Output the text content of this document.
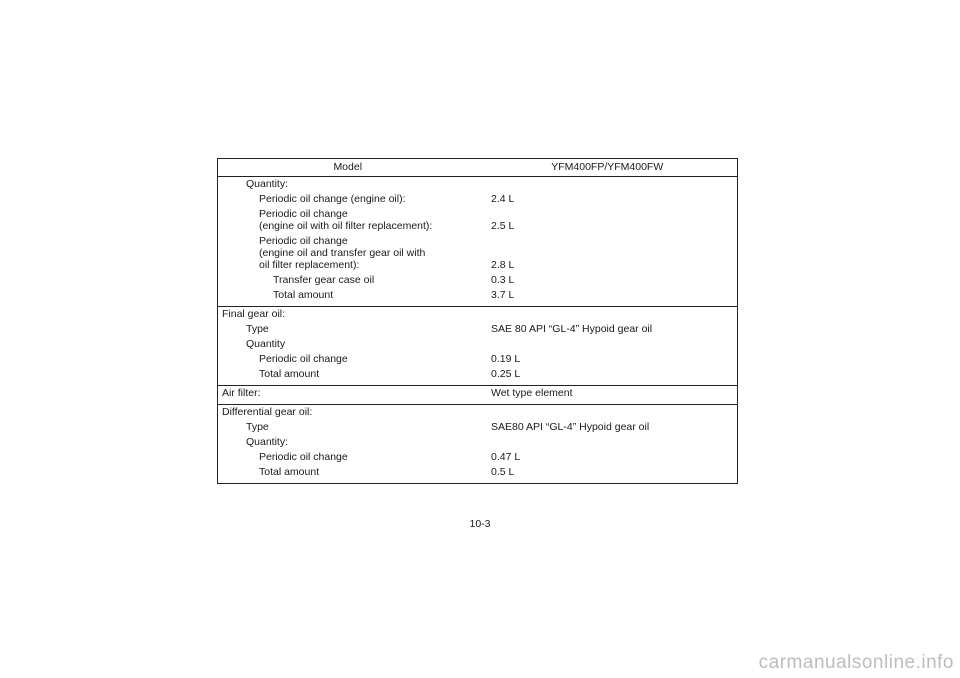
Model	YFM400FP/YFM400FW
Quantity:
Periodic oil change (engine oil):	2.4 L
Periodic oil change
(engine oil with oil filter replacement):	2.5 L
Periodic oil change
(engine oil and transfer gear oil with
oil filter replacement):	2.8 L
Transfer gear case oil	0.3 L
Total amount	3.7 L
Final gear oil:
Type	SAE 80 API “GL-4” Hypoid gear oil
Quantity
Periodic oil change	0.19 L
Total amount	0.25 L
Air filter:	Wet type element
Differential gear oil:
Type	SAE80 API “GL-4” Hypoid gear oil
Quantity:
Periodic oil change	0.47 L
Total amount	0.5 L
10-3
carmanualsonline.info
